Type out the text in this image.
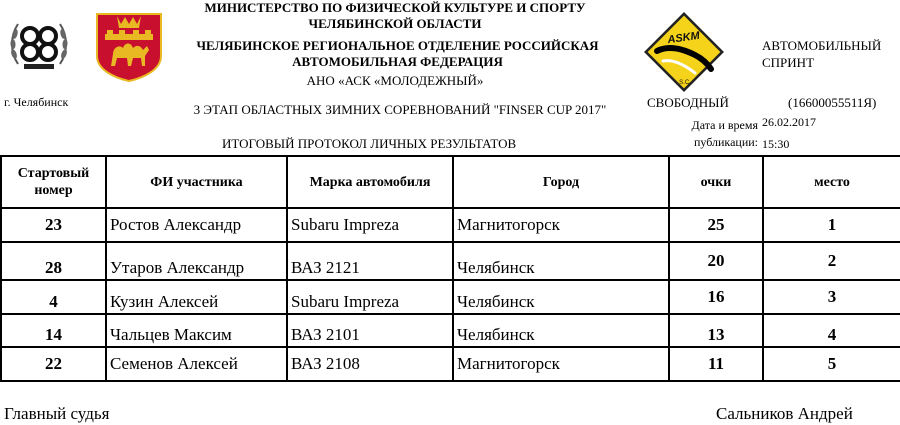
ASKM
S.C.
МИНИСТЕРСТВО ПО ФИЗИЧЕСКОЙ КУЛЬТУРЕ И СПОРТУ
ЧЕЛЯБИНСКОЙ ОБЛАСТИ
ЧЕЛЯБИНСКОЕ РЕГИОНАЛЬНОЕ ОТДЕЛЕНИЕ РОССИЙСКАЯ
АВТОМОБИЛЬНАЯ ФЕДЕРАЦИЯ
АНО «АСК «МОЛОДЕЖНЫЙ»
г. Челябинск	3 ЭТАП ОБЛАСТНЫХ ЗИМНИХ СОРЕВНОВАНИЙ "FINSER CUP 2017"
ИТОГОВЫЙ ПРОТОКОЛ ЛИЧНЫХ РЕЗУЛЬТАТОВ
АВТОМОБИЛЬНЫЙ
СПРИНТ
СВОБОДНЫЙ	(16600055511Я)
Дата и время
публикации:
26.02.2017
15:30
Стартовый номер	ФИ участника	Марка автомобиля	Город	очки	место
23	Ростов Александр	Subaru Impreza	Магнитогорск	25	1
28	Утаров Александр	ВАЗ 2121	Челябинск	20	2
4	Кузин Алексей	Subaru Impreza	Челябинск	16	3
14	Чальцев Максим	ВАЗ 2101	Челябинск	13	4
22	Семенов Алексей	ВАЗ 2108	Магнитогорск	11	5
Главный судья	Сальников Андрей
